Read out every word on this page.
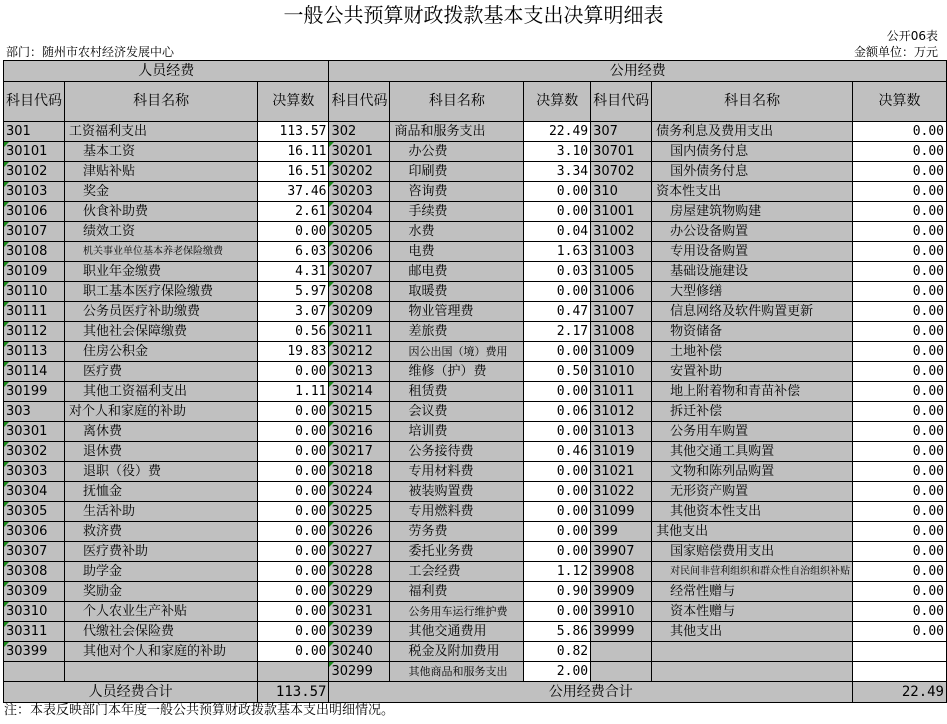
一般公共预算财政拨款基本支出决算明细表
公开06表
部门：随州市农村经济发展中心	金额单位：万元
人员经费			公用经费					
科目代码	科目名称	决算数	科目代码	科目名称	决算数	科目代码	科目名称	决算数
301	工资福利支出	113.57	302	商品和服务支出	22.49	307	债务利息及费用支出	0.00
30101	基本工资	16.11	30201	办公费	3.10	30701	国内债务付息	0.00
30102	津贴补贴	16.51	30202	印刷费	3.34	30702	国外债务付息	0.00
30103	奖金	37.46	30203	咨询费	0.00	310	资本性支出	0.00
30106	伙食补助费	2.61	30204	手续费	0.00	31001	房屋建筑物购建	0.00
30107	绩效工资	0.00	30205	水费	0.04	31002	办公设备购置	0.00
30108	机关事业单位基本养老保险缴费	6.03	30206	电费	1.63	31003	专用设备购置	0.00
30109	职业年金缴费	4.31	30207	邮电费	0.03	31005	基础设施建设	0.00
30110	职工基本医疗保险缴费	5.97	30208	取暖费	0.00	31006	大型修缮	0.00
30111	公务员医疗补助缴费	3.07	30209	物业管理费	0.47	31007	信息网络及软件购置更新	0.00
30112	其他社会保障缴费	0.56	30211	差旅费	2.17	31008	物资储备	0.00
30113	住房公积金	19.83	30212	因公出国（境）费用	0.00	31009	土地补偿	0.00
30114	医疗费	0.00	30213	维修（护）费	0.50	31010	安置补助	0.00
30199	其他工资福利支出	1.11	30214	租赁费	0.00	31011	地上附着物和青苗补偿	0.00
303	对个人和家庭的补助	0.00	30215	会议费	0.06	31012	拆迁补偿	0.00
30301	离休费	0.00	30216	培训费	0.00	31013	公务用车购置	0.00
30302	退休费	0.00	30217	公务接待费	0.46	31019	其他交通工具购置	0.00
30303	退职（役）费	0.00	30218	专用材料费	0.00	31021	文物和陈列品购置	0.00
30304	抚恤金	0.00	30224	被装购置费	0.00	31022	无形资产购置	0.00
30305	生活补助	0.00	30225	专用燃料费	0.00	31099	其他资本性支出	0.00
30306	救济费	0.00	30226	劳务费	0.00	399	其他支出	0.00
30307	医疗费补助	0.00	30227	委托业务费	0.00	39907	国家赔偿费用支出	0.00
30308	助学金	0.00	30228	工会经费	1.12	39908	对民间非营利组织和群众性自治组织补贴	0.00
30309	奖励金	0.00	30229	福利费	0.90	39909	经常性赠与	0.00
30310	个人农业生产补贴	0.00	30231	公务用车运行维护费	0.00	39910	资本性赠与	0.00
30311	代缴社会保险费	0.00	30239	其他交通费用	5.86	39999	其他支出	0.00
30399	其他对个人和家庭的补助	0.00	30240	税金及附加费用	0.82			
			30299	其他商品和服务支出	2.00			
人员经费合计		113.57	公用经费合计					22.49
注：本表反映部门本年度一般公共预算财政拨款基本支出明细情况。
